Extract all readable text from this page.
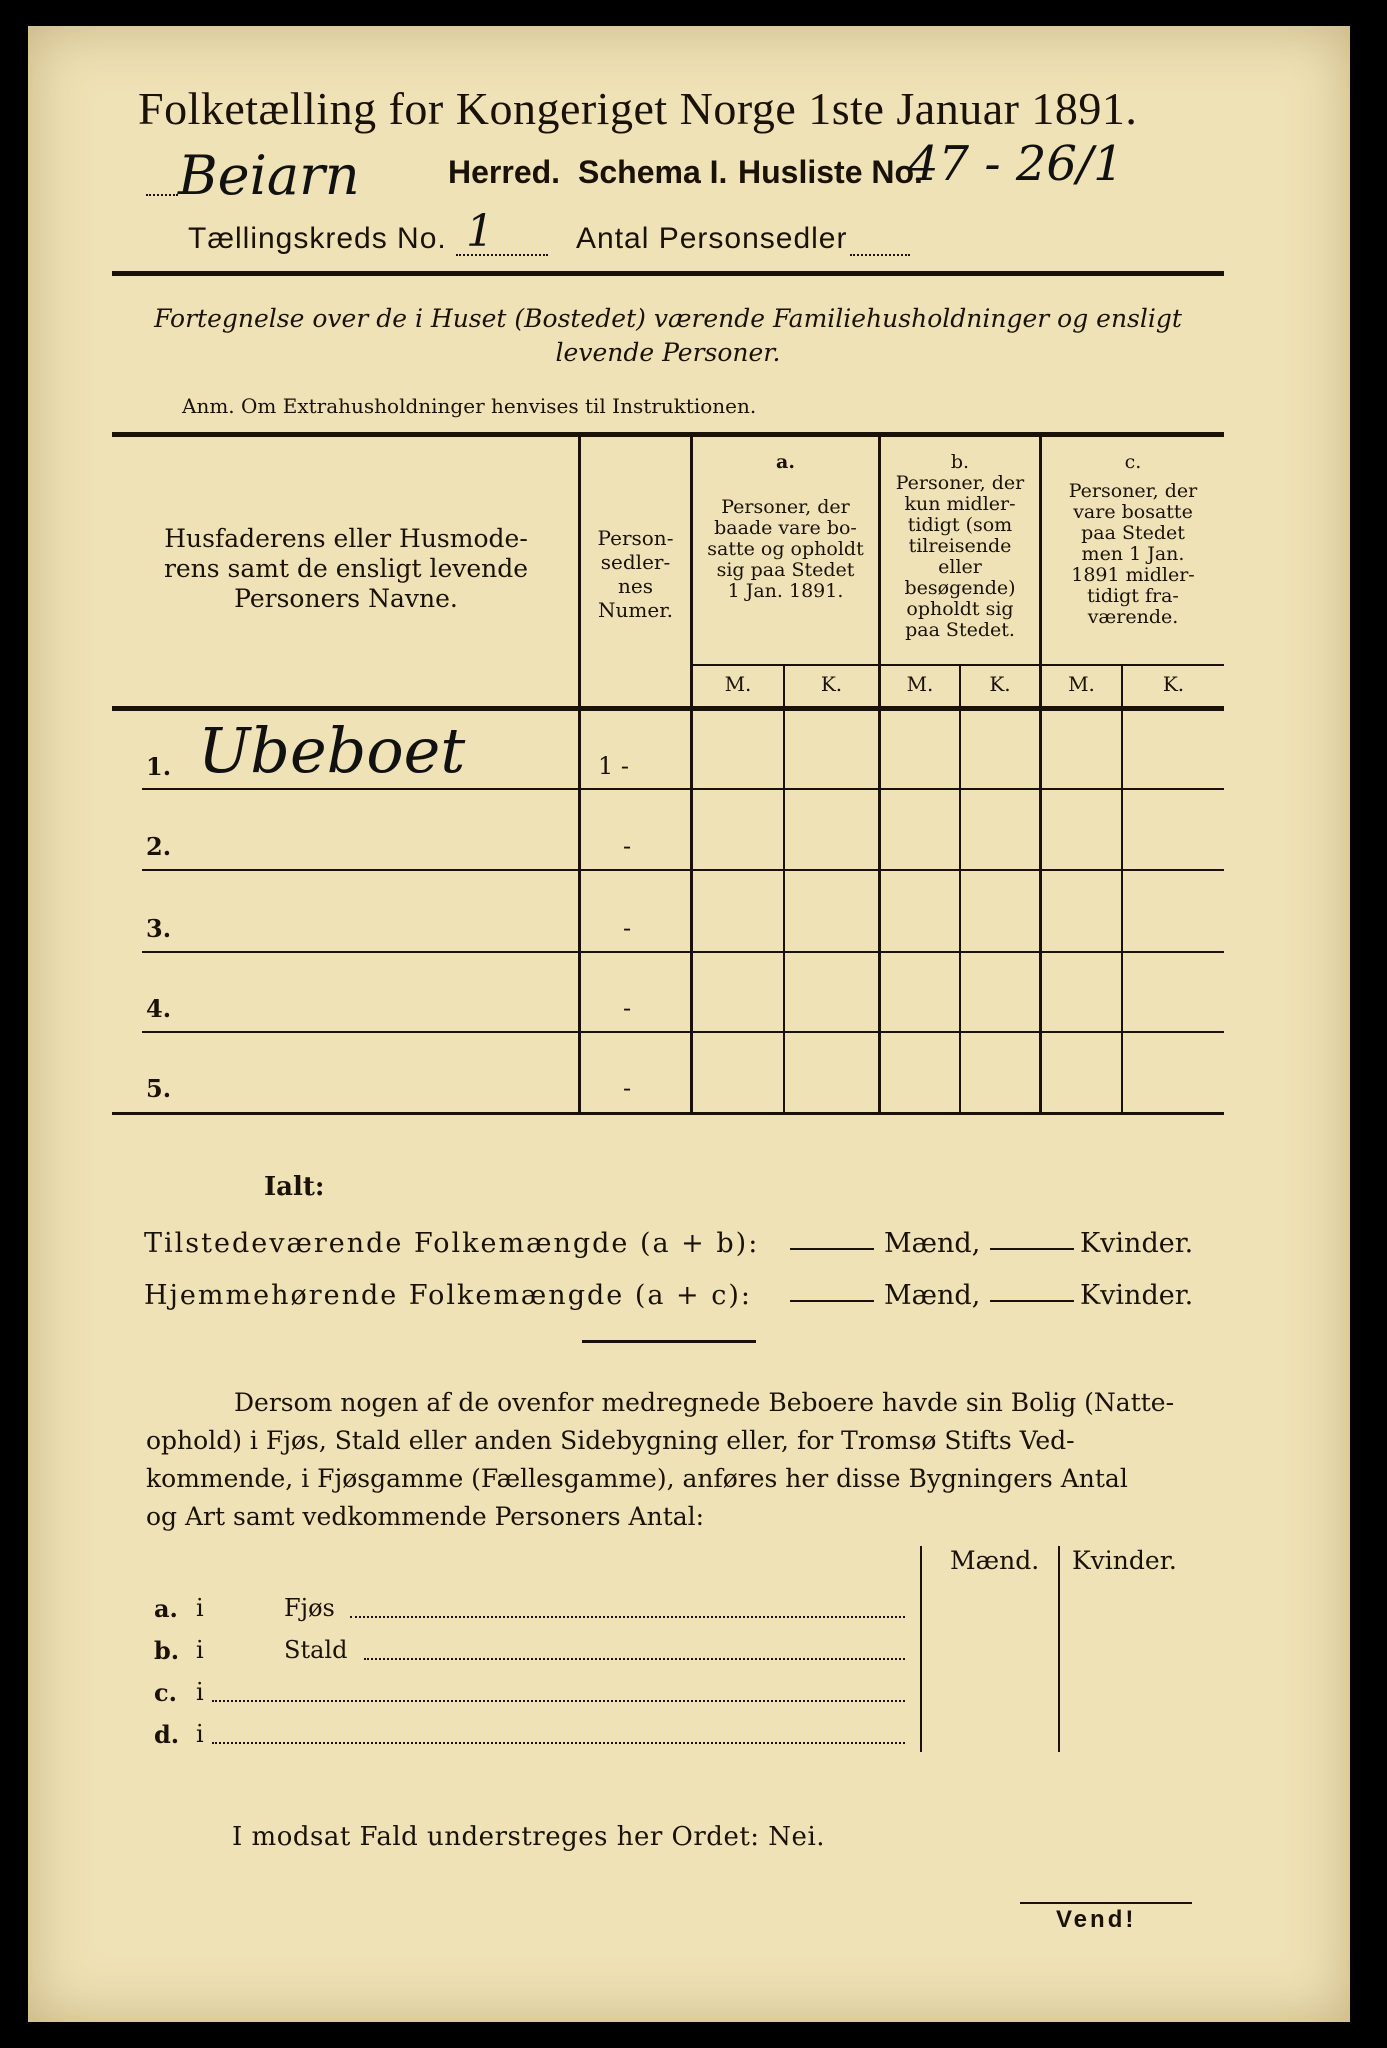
Folketælling for Kongeriget Norge 1ste Januar 1891.
Beiarn	Herred. Schema I. Husliste No.
47 - 26/1
Tællingskreds No. 1	Antal Personsedler
Fortegnelse over de i Huset (Bostedet) værende Familiehusholdninger og ensligt
levende Personer.
Anm. Om Extrahusholdninger henvises til Instruktionen.
Husfaderens eller Husmode-
rens samt de ensligt levende
Personers Navne.
Person-
sedler-
nes
Numer.
a.
Personer, der
baade vare bo-
satte og opholdt
sig paa Stedet
1 Jan. 1891.
b.
Personer, der
kun midler-
tidigt (som
tilreisende
eller
besøgende)
opholdt sig
paa Stedet.
c.
Personer, der
vare bosatte
paa Stedet
men 1 Jan.
1891 midler-
tidigt fra-
værende.
M.	K.	M.	K.	M.	K.
1. Ubeboet	1 -
2.	-
3.	-
4.	-
5.	-
Ialt:
Tilstedeværende Folkemængde (a + b):	Mænd,	Kvinder.
Hjemmehørende Folkemængde (a + c):	Mænd,	Kvinder.
Dersom nogen af de ovenfor medregnede Beboere havde sin Bolig (Natte-
ophold) i Fjøs, Stald eller anden Sidebygning eller, for Tromsø Stifts Ved-
kommende, i Fjøsgamme (Fællesgamme), anføres her disse Bygningers Antal
og Art samt vedkommende Personers Antal:
Mænd. Kvinder.
a. i	Fjøs
b. i	Stald
c. i
d. i
I modsat Fald understreges her Ordet: Nei.
Vend!
